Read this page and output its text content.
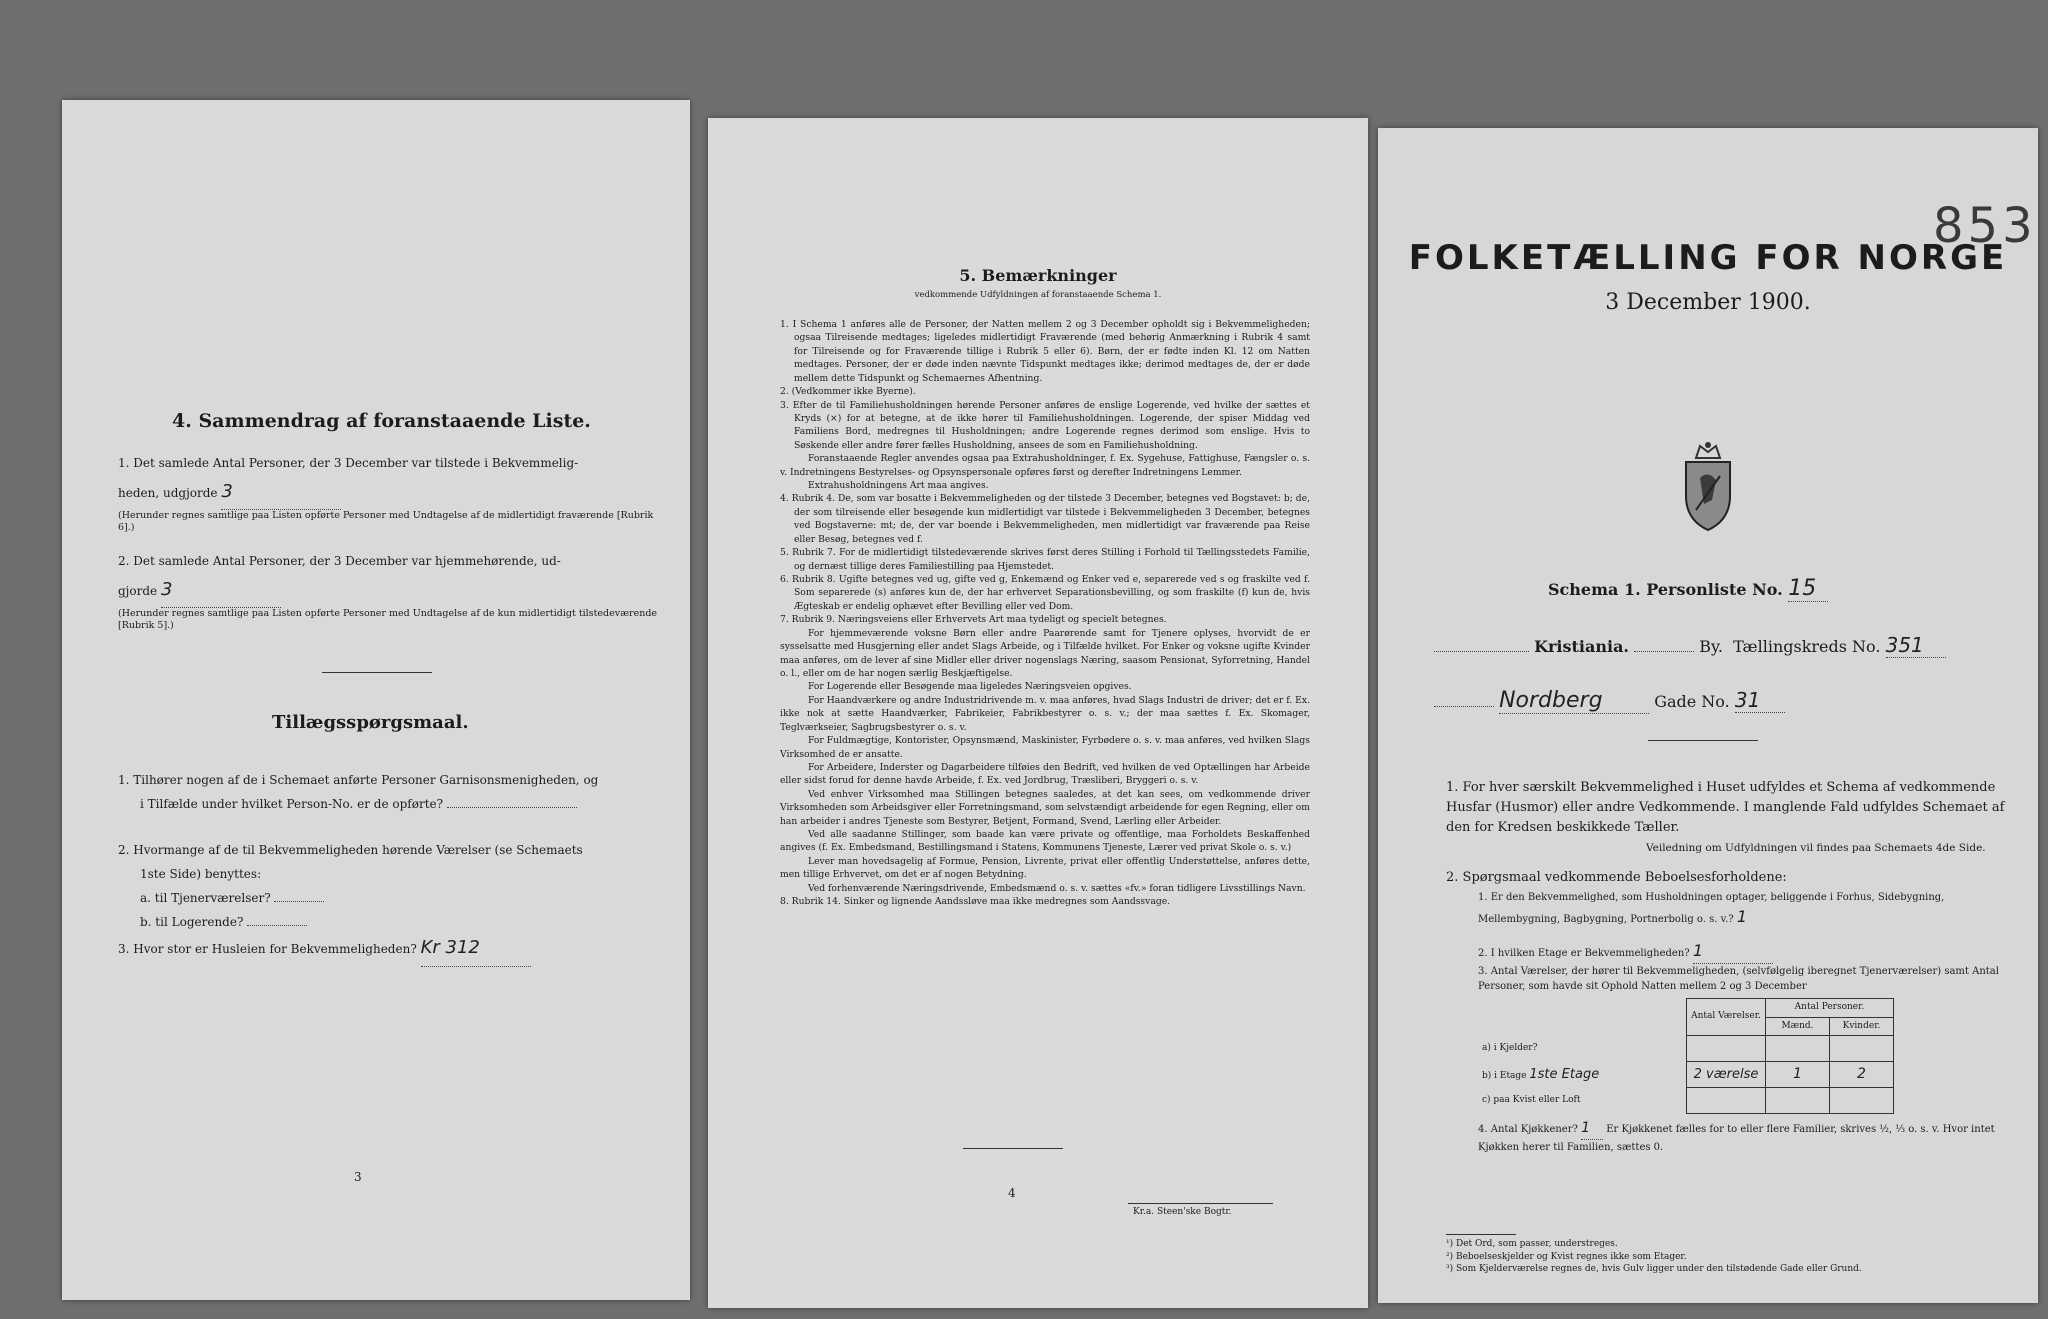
4. Sammendrag af foranstaaende Liste.
1. Det samlede Antal Personer, der 3 December var tilstede i Bekvemmelig-
heden, udgjorde 3
(Herunder regnes samtlige paa Listen opførte Personer med Undtagelse af de midlertidigt fraværende [Rubrik 6].)
2. Det samlede Antal Personer, der 3 December var hjemmehørende, ud-
gjorde 3
(Herunder regnes samtlige paa Listen opførte Personer med Undtagelse af de kun midlertidigt tilstedeværende [Rubrik 5].)
Tillægsspørgsmaal.
1. Tilhører nogen af de i Schemaet anførte Personer Garnisonsmenigheden, og
i Tilfælde under hvilket Person-No. er de opførte?
2. Hvormange af de til Bekvemmeligheden hørende Værelser (se Schemaets
1ste Side) benyttes:
a. til Tjenerværelser?
b. til Logerende?
3. Hvor stor er Husleien for Bekvemmeligheden? Kr 312
3
5. Bemærkninger
vedkommende Udfyldningen af foranstaaende Schema 1.

1. I Schema 1 anføres alle de Personer, der Natten mellem 2 og 3 December opholdt sig i Bekvemmeligheden; ogsaa Tilreisende medtages; ligeledes midlertidigt Fraværende (med behørig Anmærkning i Rubrik 4 samt for Tilreisende og for Fraværende tillige i Rubrik 5 eller 6). Børn, der er fødte inden Kl. 12 om Natten medtages. Personer, der er døde inden nævnte Tidspunkt medtages ikke; derimod medtages de, der er døde mellem dette Tidspunkt og Schemaernes Afhentning.

2. (Vedkommer ikke Byerne).

3. Efter de til Familiehusholdningen hørende Personer anføres de enslige Logerende, ved hvilke der sættes et Kryds (×) for at betegne, at de ikke hører til Familiehusholdningen. Logerende, der spiser Middag ved Familiens Bord, medregnes til Husholdningen; andre Logerende regnes derimod som enslige. Hvis to Søskende eller andre fører fælles Husholdning, ansees de som en Familiehusholdning.

Foranstaaende Regler anvendes ogsaa paa Extrahusholdninger, f. Ex. Sygehuse, Fattighuse, Fængsler o. s. v. Indretningens Bestyrelses- og Opsynspersonale opføres først og derefter Indretningens Lemmer.

Extrahusholdningens Art maa angives.

4. Rubrik 4. De, som var bosatte i Bekvemmeligheden og der tilstede 3 December, betegnes ved Bogstavet: b; de, der som tilreisende eller besøgende kun midlertidigt var tilstede i Bekvemmeligheden 3 December, betegnes ved Bogstaverne: mt; de, der var boende i Bekvemmeligheden, men midlertidigt var fraværende paa Reise eller Besøg, betegnes ved f.

5. Rubrik 7. For de midlertidigt tilstedeværende skrives først deres Stilling i Forhold til Tællingsstedets Familie, og dernæst tillige deres Familiestilling paa Hjemstedet.

6. Rubrik 8. Ugifte betegnes ved ug, gifte ved g, Enkemænd og Enker ved e, separerede ved s og fraskilte ved f. Som separerede (s) anføres kun de, der har erhvervet Separationsbevilling, og som fraskilte (f) kun de, hvis Ægteskab er endelig ophævet efter Bevilling eller ved Dom.

7. Rubrik 9. Næringsveiens eller Erhvervets Art maa tydeligt og specielt betegnes.

For hjemmeværende voksne Børn eller andre Paarørende samt for Tjenere oplyses, hvorvidt de er sysselsatte med Husgjerning eller andet Slags Arbeide, og i Tilfælde hvilket. For Enker og voksne ugifte Kvinder maa anføres, om de lever af sine Midler eller driver nogenslags Næring, saasom Pensionat, Syforretning, Handel o. l., eller om de har nogen særlig Beskjæftigelse.

For Logerende eller Besøgende maa ligeledes Næringsveien opgives.

For Haandværkere og andre Industridrivende m. v. maa anføres, hvad Slags Industri de driver; det er f. Ex. ikke nok at sætte Haandværker, Fabrikeier, Fabrikbestyrer o. s. v.; der maa sættes f. Ex. Skomager, Teglværkseier, Sagbrugsbestyrer o. s. v.

For Fuldmægtige, Kontorister, Opsynsmænd, Maskinister, Fyrbødere o. s. v. maa anføres, ved hvilken Slags Virksomhed de er ansatte.

For Arbeidere, Inderster og Dagarbeidere tilføies den Bedrift, ved hvilken de ved Optællingen har Arbeide eller sidst forud for denne havde Arbeide, f. Ex. ved Jordbrug, Træsliberi, Bryggeri o. s. v.

Ved enhver Virksomhed maa Stillingen betegnes saaledes, at det kan sees, om vedkommende driver Virksomheden som Arbeidsgiver eller Forretningsmand, som selvstændigt arbeidende for egen Regning, eller om han arbeider i andres Tjeneste som Bestyrer, Betjent, Formand, Svend, Lærling eller Arbeider.

Ved alle saadanne Stillinger, som baade kan være private og offentlige, maa Forholdets Beskaffenhed angives (f. Ex. Embedsmand, Bestillingsmand i Statens, Kommunens Tjeneste, Lærer ved privat Skole o. s. v.)

Lever man hovedsagelig af Formue, Pension, Livrente, privat eller offentlig Understøttelse, anføres dette, men tillige Erhvervet, om det er af nogen Betydning.

Ved forhenværende Næringsdrivende, Embedsmænd o. s. v. sættes «fv.» foran tidligere Livsstillings Navn.

8. Rubrik 14. Sinker og lignende Aandssløve maa ikke medregnes som Aandssvage.

4
Kr.a. Steen'ske Bogtr.
853
FOLKETÆLLING FOR NORGE
3 December 1900.
Schema 1. Personliste No. 15
Kristiania.	By. Tællingskreds No. 351
Nordberg	Gade No. 31
1. For hver særskilt Bekvemmelighed i Huset udfyldes et Schema af vedkommende Husfar (Husmor) eller andre Vedkommende. I manglende Fald udfyldes Schemaet af den for Kredsen beskikkede Tæller.
Veiledning om Udfyldningen vil findes paa Schemaets 4de Side.
2. Spørgsmaal vedkommende Beboelsesforholdene:
1. Er den Bekvemmelighed, som Husholdningen optager, beliggende i Forhus, Sidebygning, Mellembygning, Bagbygning, Portnerbolig o. s. v.? 1
2. I hvilken Etage er Bekvemmeligheden? 1
3. Antal Værelser, der hører til Bekvemmeligheden, (selvfølgelig iberegnet Tjenerværelser) samt Antal Personer, som havde sit Ophold Natten mellem 2 og 3 December
	Antal Værelser.	Antal Personer.	
		Mænd.	Kvinder.
a) i Kjelder?			
b) i Etage 1ste Etage	2 værelse	1	2
c) paa Kvist eller Loft			
4. Antal Kjøkkener? 1 Er Kjøkkenet fælles for to eller flere Familier, skrives ½, ⅓ o. s. v. Hvor intet Kjøkken herer til Familien, sættes 0.
¹) Det Ord, som passer, understreges.
²) Beboelseskjelder og Kvist regnes ikke som Etager.
³) Som Kjelderværelse regnes de, hvis Gulv ligger under den tilstødende Gade eller Grund.
